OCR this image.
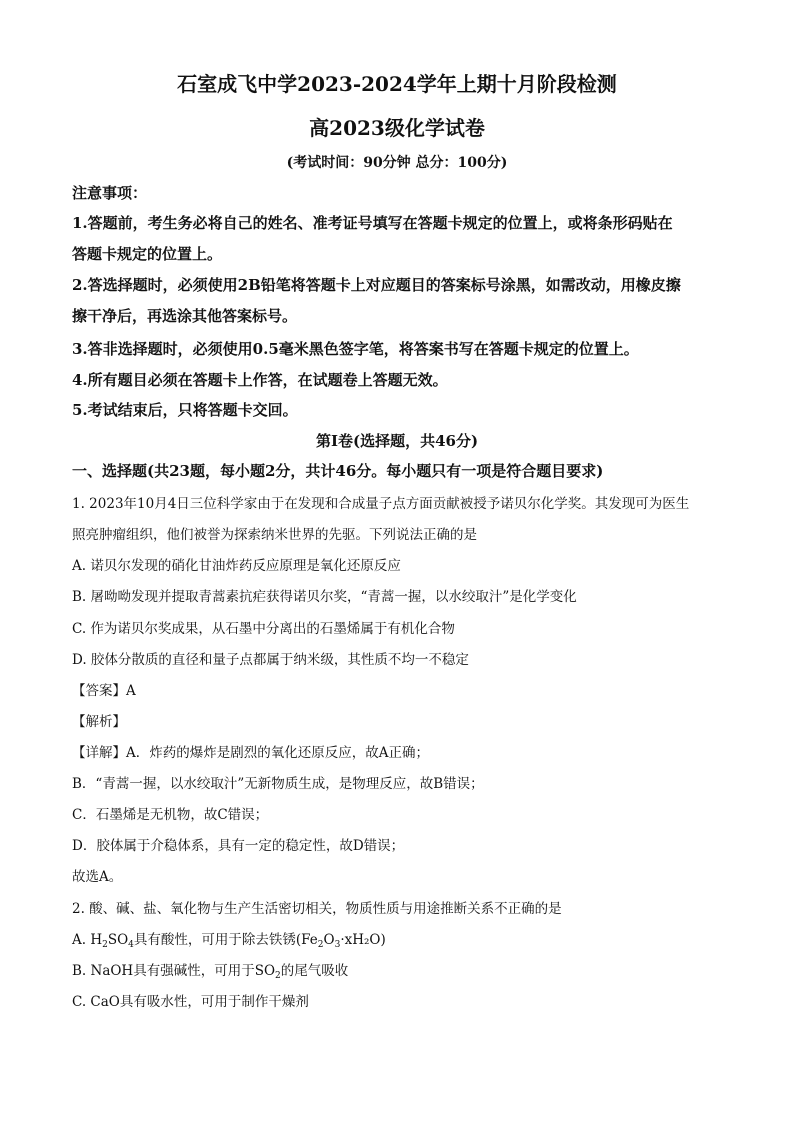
石室成飞中学2023-2024学年上期十月阶段检测
高2023级化学试卷
(考试时间：90分钟 总分：100分)
注意事项：
1.答题前，考生务必将自己的姓名、准考证号填写在答题卡规定的位置上，或将条形码贴在
答题卡规定的位置上。
2.答选择题时，必须使用2B铅笔将答题卡上对应题目的答案标号涂黑，如需改动，用橡皮擦
擦干净后，再选涂其他答案标号。
3.答非选择题时，必须使用0.5毫米黑色签字笔，将答案书写在答题卡规定的位置上。
4.所有题目必须在答题卡上作答，在试题卷上答题无效。
5.考试结束后，只将答题卡交回。
第Ⅰ卷(选择题，共46分)
一、选择题(共23题，每小题2分，共计46分。每小题只有一项是符合题目要求)
1. 2023年10月4日三位科学家由于在发现和合成量子点方面贡献被授予诺贝尔化学奖。其发现可为医生
照亮肿瘤组织，他们被誉为探索纳米世界的先驱。下列说法正确的是
A. 诺贝尔发现的硝化甘油炸药反应原理是氧化还原反应
B. 屠呦呦发现并提取青蒿素抗疟获得诺贝尔奖，“青蒿一握，以水绞取汁”是化学变化
C. 作为诺贝尔奖成果，从石墨中分离出的石墨烯属于有机化合物
D. 胶体分散质的直径和量子点都属于纳米级，其性质不均一不稳定
【答案】A
【解析】
【详解】A．炸药的爆炸是剧烈的氧化还原反应，故A正确；
B．“青蒿一握，以水绞取汁”无新物质生成，是物理反应，故B错误；
C．石墨烯是无机物，故C错误；
D．胶体属于介稳体系，具有一定的稳定性，故D错误；
故选A。
2. 酸、碱、盐、氧化物与生产生活密切相关，物质性质与用途推断关系不正确的是
A. $H_2SO_4$具有酸性，可用于除去铁锈$(Fe_2O_3\cdot xH_2O)$
B. NaOH具有强碱性，可用于$SO_2$的尾气吸收
C. CaO具有吸水性，可用于制作干燥剂
